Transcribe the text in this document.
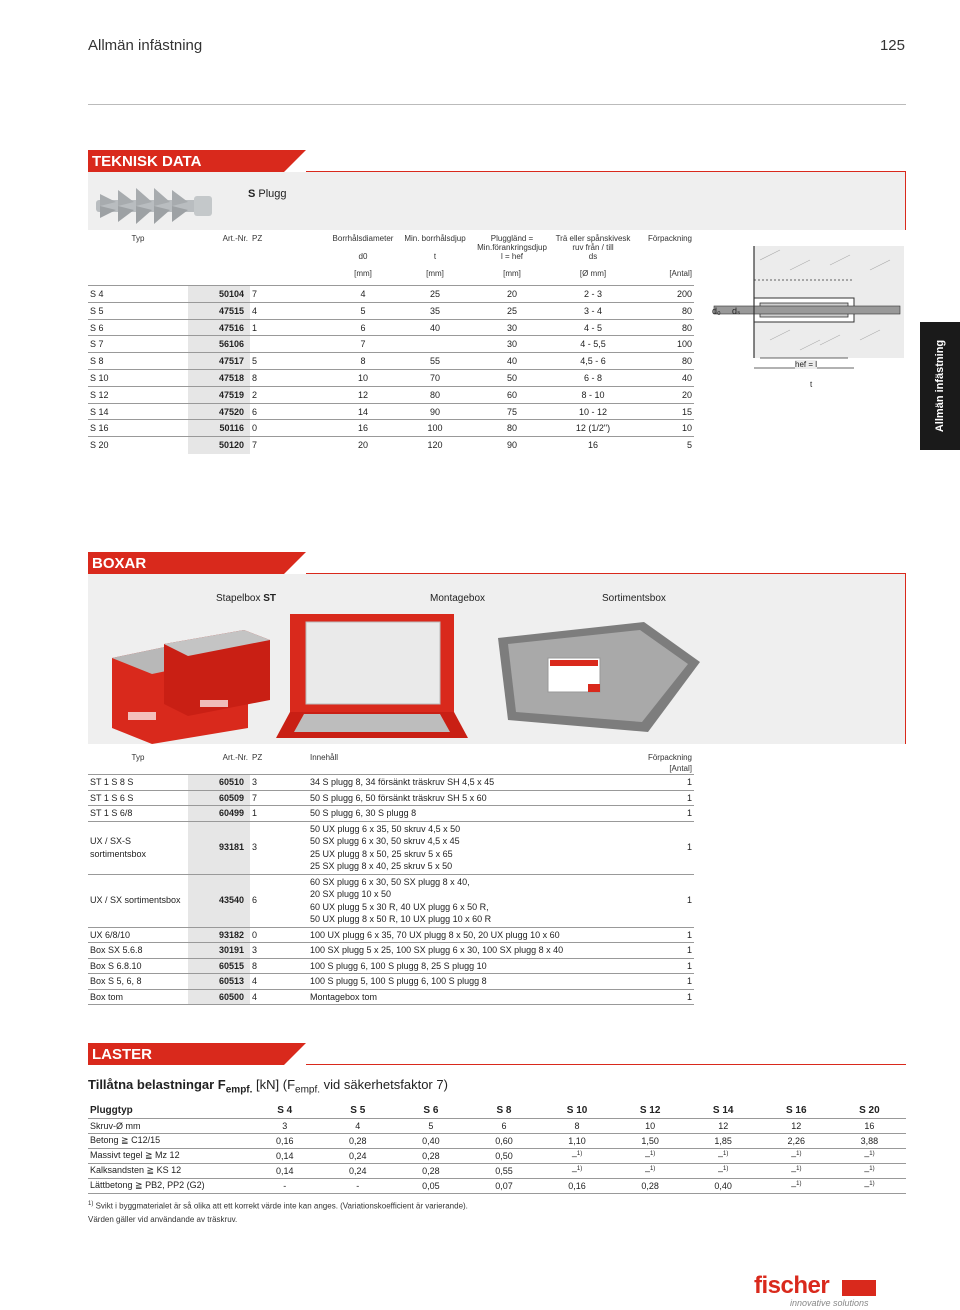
Allmän infästning	125
TEKNISK DATA
S Plugg
Typ	Art.-Nr.	PZ	Borrhålsdiameter	Min. borrhålsdjup	Pluggländ = Min.förankringsdjup	Trä eller spånskivesk ruv från / till	Förpackning
			d0	t	l = hef	ds	
			[mm]	[mm]	[mm]	[Ø mm]	[Antal]
S 4	50104	7	4	25	20	2 - 3	200
S 5	47515	4	5	35	25	3 - 4	80
S 6	47516	1	6	40	30	4 - 5	80
S 7	56106		7		30	4 - 5,5	100
S 8	47517	5	8	55	40	4,5 - 6	80
S 10	47518	8	10	70	50	6 - 8	40
S 12	47519	2	12	80	60	8 - 10	20
S 14	47520	6	14	90	75	10 - 12	15
S 16	50116	0	16	100	80	12 (1/2")	10
S 20	50120	7	20	120	90	16	5
d₀ dₛ
hef = l
t	Allmän infästning
BOXAR
Stapelbox ST	Montagebox	Sortimentsbox
Typ	Art.-Nr.	PZ	Innehåll	Förpackning
				[Antal]
ST 1 S 8 S	60510	3	34 S plugg 8, 34 försänkt träskruv SH 4,5 x 45	1
ST 1 S 6 S	60509	7	50 S plugg 6, 50 försänkt träskruv SH 5 x 60	1
ST 1 S 6/8	60499	1	50 S plugg 6, 30 S plugg 8	1
UX / SX-S sortimentsbox	93181	3	50 UX plugg 6 x 35, 50 skruv 4,5 x 50
50 SX plugg 6 x 30, 50 skruv 4,5 x 45
25 UX plugg 8 x 50, 25 skruv 5 x 65
25 SX plugg 8 x 40, 25 skruv 5 x 50	1
UX / SX sortimentsbox	43540	6	60 SX plugg 6 x 30, 50 SX plugg 8 x 40,
20 SX plugg 10 x 50
60 UX plugg 5 x 30 R, 40 UX plugg 6 x 50 R,
50 UX plugg 8 x 50 R, 10 UX plugg 10 x 60 R	1
UX 6/8/10	93182	0	100 UX plugg 6 x 35, 70 UX plugg 8 x 50, 20 UX plugg 10 x 60	1
Box SX 5.6.8	30191	3	100 SX plugg 5 x 25, 100 SX plugg 6 x 30, 100 SX plugg 8 x 40	1
Box S 6.8.10	60515	8	100 S plugg 6, 100 S plugg 8, 25 S plugg 10	1
Box S 5, 6, 8	60513	4	100 S plugg 5, 100 S plugg 6, 100 S plugg 8	1
Box tom	60500	4	Montagebox tom	1
LASTER
Tillåtna belastningar $F_{empf.}$ [kN] ($F_{empf.}$ vid säkerhetsfaktor 7)
Pluggtyp	S 4	S 5	S 6	S 8	S 10	S 12	S 14	S 16	S 20
Skruv-Ø mm	3	4	5	6	8	10	12	12	16
Betong ≧ C12/15	0,16	0,28	0,40	0,60	1,10	1,50	1,85	2,26	3,88
Massivt tegel ≧ Mz 12	0,14	0,24	0,28	0,50	–$^{1)}$	–$^{1)}$	–$^{1)}$	–$^{1)}$	–$^{1)}$
Kalksandsten ≧ KS 12	0,14	0,24	0,28	0,55	–$^{1)}$	–$^{1)}$	–$^{1)}$	–$^{1)}$	–$^{1)}$
Lättbetong ≧ PB2, PP2 (G2)	-	-	0,05	0,07	0,16	0,28	0,40	–$^{1)}$	–$^{1)}$
$^{1)}$ Svikt i byggmaterialet är så olika att ett korrekt värde inte kan anges. (Variationskoefficient är varierande).
Värden gäller vid användande av träskruv.
fischer
innovative solutions
